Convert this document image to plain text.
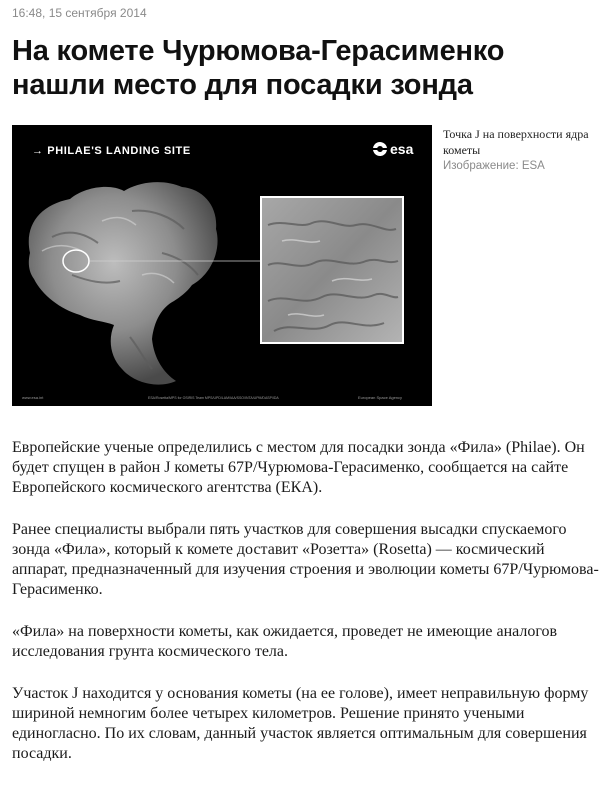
16:48, 15 сентября 2014
На комете Чурюмова-Герасименко нашли место для посадки зонда
→ PHILAE'S LANDING SITE	esa
www.esa.int	ESA/Rosetta/MPS for OSIRIS Team MPS/UPD/LAM/IAA/SSO/INTA/UPM/DASP/IDA	European Space Agency
Точка J на поверхности ядра кометы
Изображение: ESA

Европейские ученые определились с местом для посадки зонда «Фила» (Philae). Он будет спущен в район J кометы 67P/Чурюмова-Герасименко, сообщается на сайте Европейского космического агентства (ЕКА).

Ранее специалисты выбрали пять участков для совершения высадки спускаемого зонда «Фила», который к комете доставит «Розетта» (Rosetta) — космический аппарат, предназначенный для изучения строения и эволюции кометы 67P/Чурюмова-Герасименко.

«Фила» на поверхности кометы, как ожидается, проведет не имеющие аналогов исследования грунта космического тела.

Участок J находится у основания кометы (на ее голове), имеет неправильную форму шириной немногим более четырех километров. Решение принято учеными единогласно. По их словам, данный участок является оптимальным для совершения посадки.
